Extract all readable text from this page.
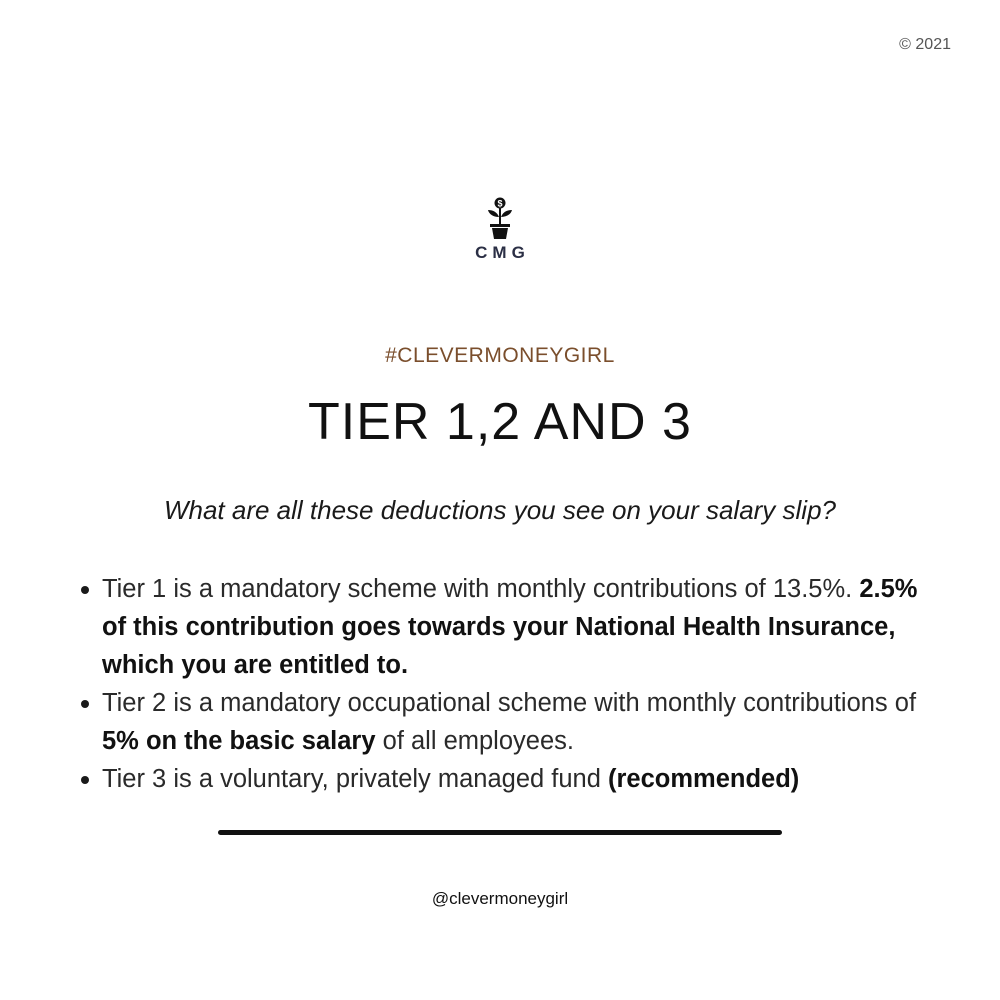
© 2021
$
CMG
#CLEVERMONEYGIRL
TIER 1,2 AND 3
What are all these deductions you see on your salary slip?
Tier 1 is a mandatory scheme with monthly contributions of 13.5%. 2.5% of this contribution goes towards your National Health Insurance, which you are entitled to.
Tier 2 is a mandatory occupational scheme with monthly contributions of 5% on the basic salary of all employees.
Tier 3 is a voluntary, privately managed fund (recommended)
@clevermoneygirl
